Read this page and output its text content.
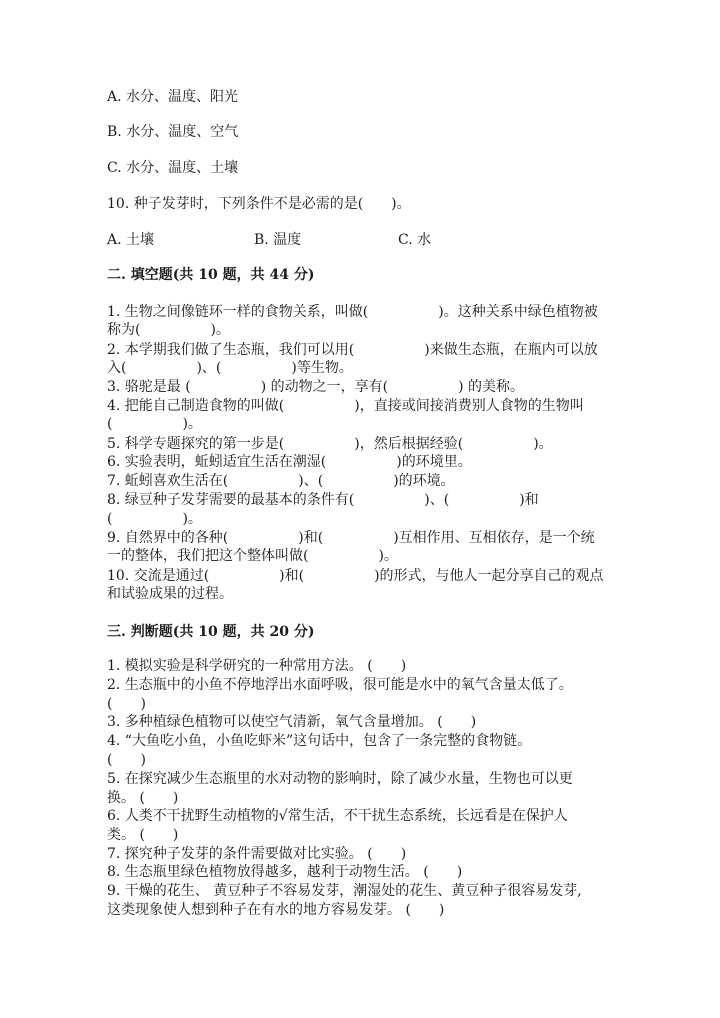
A. 水分、温度、阳光
B. 水分、温度、空气
C. 水分、温度、土壤
10. 种子发芽时，下列条件不是必需的是(　　)。
A. 土壤	B. 温度	C. 水
二. 填空题(共 10 题，共 44 分)
1. 生物之间像链环一样的食物关系，叫做(　　　　　)。这种关系中绿色植物被
称为(　　　　　)。
2. 本学期我们做了生态瓶，我们可以用(　　　　　)来做生态瓶，在瓶内可以放
入(　　　　　)、(　　　　　)等生物。
3. 骆驼是最 (　　　　　) 的动物之一，享有(　　　　　) 的美称。
4. 把能自己制造食物的叫做(　　　　　)，直接或间接消费别人食物的生物叫
(　　　　　)。
5. 科学专题探究的第一步是(　　　　　)，然后根据经验(　　　　　)。
6. 实验表明，蚯蚓适宜生活在潮湿(　　　　　)的环境里。
7. 蚯蚓喜欢生活在(　　　　　)、(　　　　　)的环境。
8. 绿豆种子发芽需要的最基本的条件有(　　　　　)、(　　　　　)和
(　　　　　)。
9. 自然界中的各种(　　　　　)和(　　　　　)互相作用、互相依存，是一个统
一的整体，我们把这个整体叫做(　　　　　)。
10. 交流是通过(　　　　　)和(　　　　　)的形式，与他人一起分享自己的观点
和试验成果的过程。
三. 判断题(共 10 题，共 20 分)
1. 模拟实验是科学研究的一种常用方法。 (　　)
2. 生态瓶中的小鱼不停地浮出水面呼吸，很可能是水中的氧气含量太低了。
(　　)
3. 多种植绿色植物可以使空气清新，氧气含量增加。 (　　)
4. “大鱼吃小鱼，小鱼吃虾米”这句话中，包含了一条完整的食物链。
(　　)
5. 在探究减少生态瓶里的水对动物的影响时，除了减少水量，生物也可以更
换。 (　　)
6. 人类不干扰野生动植物的√常生活，不干扰生态系统，长远看是在保护人
类。 (　　)
7. 探究种子发芽的条件需要做对比实验。 (　　)
8. 生态瓶里绿色植物放得越多，越利于动物生活。 (　　)
9. 干燥的花生、 黄豆种子不容易发芽，潮湿处的花生、黄豆种子很容易发芽,
这类现象使人想到种子在有水的地方容易发芽。 (　　)
